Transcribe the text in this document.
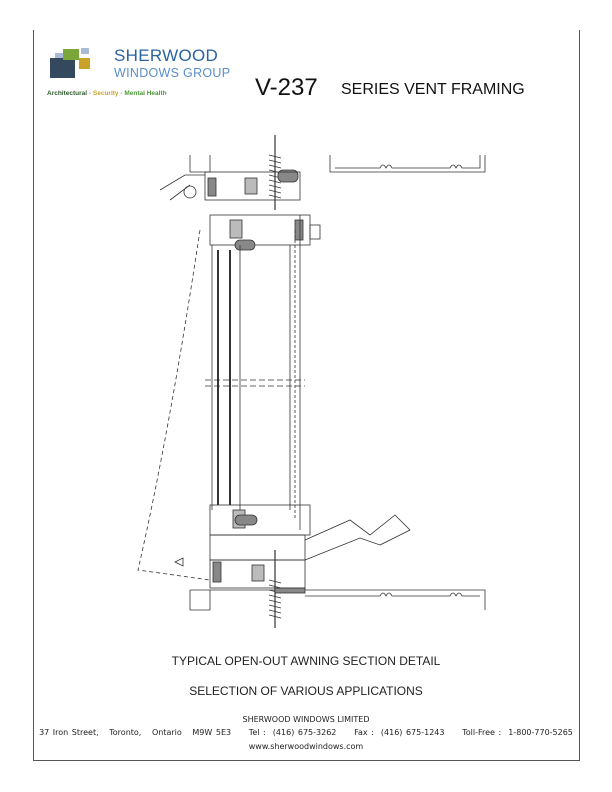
SHERWOOD
WINDOWS GROUP
Architectural - Security - Mental Health	V-237 SERIES VENT FRAMING
TYPICAL OPEN-OUT AWNING SECTION DETAIL
SELECTION OF VARIOUS APPLICATIONS
SHERWOOD WINDOWS LIMITED
37 Iron Street,   Toronto,   Ontario   M9W 5E3     Tel :  (416) 675-3262     Fax :  (416) 675-1243     Toll-Free :  1-800-770-5265
www.sherwoodwindows.com
